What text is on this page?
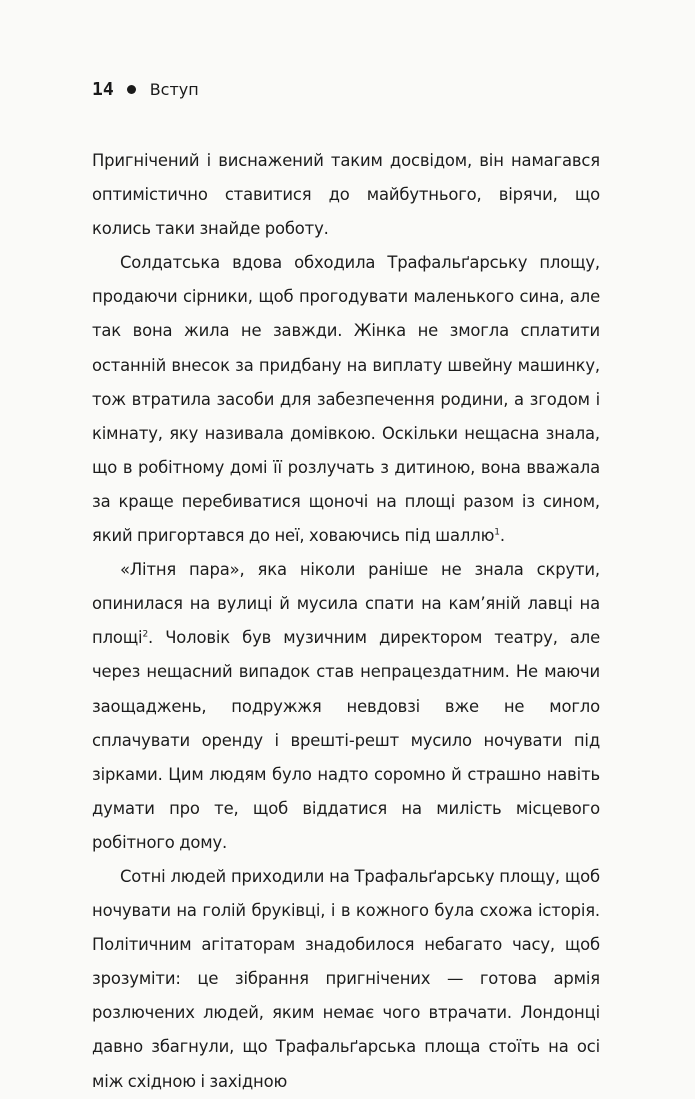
14 Вступ

Пригнічений і виснажений таким досвідом, він намагався оптимістично ставитися до майбутнього, вірячи, що колись таки знайде роботу.

Солдатська вдова обходила Трафальґарську площу, продаючи сірники, щоб прогодувати маленького сина, але так вона жила не завжди. Жінка не змогла сплатити останній внесок за придбану на виплату швейну машинку, тож втратила засоби для забезпечення родини, а згодом і кімнату, яку називала домівкою. Оскільки нещасна знала, що в робітному домі її розлучать з дитиною, вона вважала за краще перебиватися щоночі на площі разом із сином, який пригортався до неї, ховаючись під шаллю$^1$.

«Літня пара», яка ніколи раніше не знала скрути, опинилася на вулиці й мусила спати на кам’яній лавці на площі$^2$. Чоловік був музичним директором театру, але через нещасний випадок став непрацездатним. Не маючи заощаджень, подружжя невдовзі вже не могло сплачувати оренду і врешті-решт мусило ночувати під зірками. Цим людям було надто соромно й страшно навіть думати про те, щоб віддатися на милість місцевого робітного дому.

Сотні людей приходили на Трафальґарську площу, щоб ночувати на голій бруківці, і в кожного була схожа історія. Політичним агітаторам знадобилося небагато часу, щоб зрозуміти: це зібрання пригнічених — готова армія розлючених людей, яким немає чого втрачати. Лондонці давно збагнули, що Трафальґарська площа стоїть на осі між східною і західною
